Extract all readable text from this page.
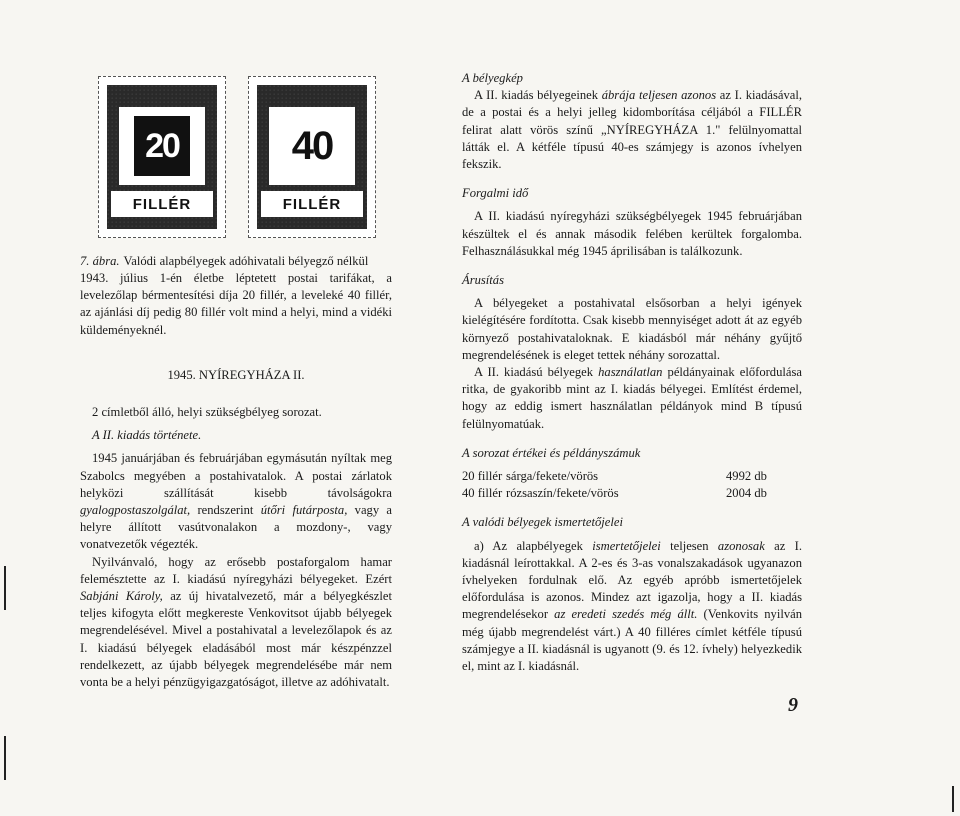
20
FILLÉR
40
FILLÉR
7. ábra. Valódi alapbélyegek adóhivatali bélyegző nélkül

1943. július 1-én életbe léptetett postai tarifákat, a levelezőlap bérmentesítési díja 20 fillér, a leveleké 40 fillér, az ajánlási díj pedig 80 fillér volt mind a helyi, mind a vidéki küldeményeknél.

1945. NYÍREGYHÁZA II.

2 címletből álló, helyi szükségbélyeg sorozat.

A II. kiadás története.

1945 januárjában és februárjában egymásután nyíltak meg Szabolcs megyében a postahivatalok. A postai zárlatok helyközi szállítását kisebb távolságokra gyalogpostaszolgálat, rendszerint útőri futárposta, vagy a helyre állított vasútvonalakon a mozdony-, vagy vonatvezetők végezték.

Nyilvánvaló, hogy az erősebb postaforgalom hamar felemésztette az I. kiadású nyíregyházi bélyegeket. Ezért Sabjáni Károly, az új hivatalvezető, már a bélyegkészlet teljes kifogyta előtt megkereste Venkovitsot újabb bélyegek megrendelésével. Mivel a postahivatal a levelezőlapok és az I. kiadású bélyegek eladásából most már készpénzzel rendelkezett, az újabb bélyegek megrendelésébe már nem vonta be a helyi pénzügyigazgatóságot, illetve az adóhivatalt.

A bélyegkép

A II. kiadás bélyegeinek ábrája teljesen azonos az I. kiadásával, de a postai és a helyi jelleg kidomborítása céljából a FILLÉR felirat alatt vörös színű „NYÍREGYHÁZA 1." felülnyomattal látták el. A kétféle típusú 40-es számjegy is azonos ívhelyen fekszik.

Forgalmi idő

A II. kiadású nyíregyházi szükségbélyegek 1945 februárjában készültek el és annak második felében kerültek forgalomba. Felhasználásukkal még 1945 áprilisában is találkozunk.

Árusítás

A bélyegeket a postahivatal elsősorban a helyi igények kielégítésére fordította. Csak kisebb mennyiséget adott át az egyéb környező postahivataloknak. E kiadásból már néhány gyűjtő megrendelésének is eleget tettek néhány sorozattal.

A II. kiadású bélyegek használatlan példányainak előfordulása ritka, de gyakoribb mint az I. kiadás bélyegei. Említést érdemel, hogy az eddig ismert használatlan példányok mind B típusú felülnyomatúak.

A sorozat értékei és példányszámuk

20 fillér	sárga/fekete/vörös	4992 db
40 fillér	rózsaszín/fekete/vörös	2004 db

A valódi bélyegek ismertetőjelei

a) Az alapbélyegek ismertetőjelei teljesen azonosak az I. kiadásnál leírottakkal. A 2-es és 3-as vonalszakadások ugyanazon ívhelyeken fordulnak elő. Az egyéb apróbb ismertetőjelek előfordulása is azonos. Mindez azt igazolja, hogy a II. kiadás megrendelésekor az eredeti szedés még állt. (Venkovits nyilván még újabb megrendelést várt.) A 40 filléres címlet kétféle típusú számjegye a II. kiadásnál is ugyanott (9. és 12. ívhely) helyezkedik el, mint az I. kiadásnál.

9
